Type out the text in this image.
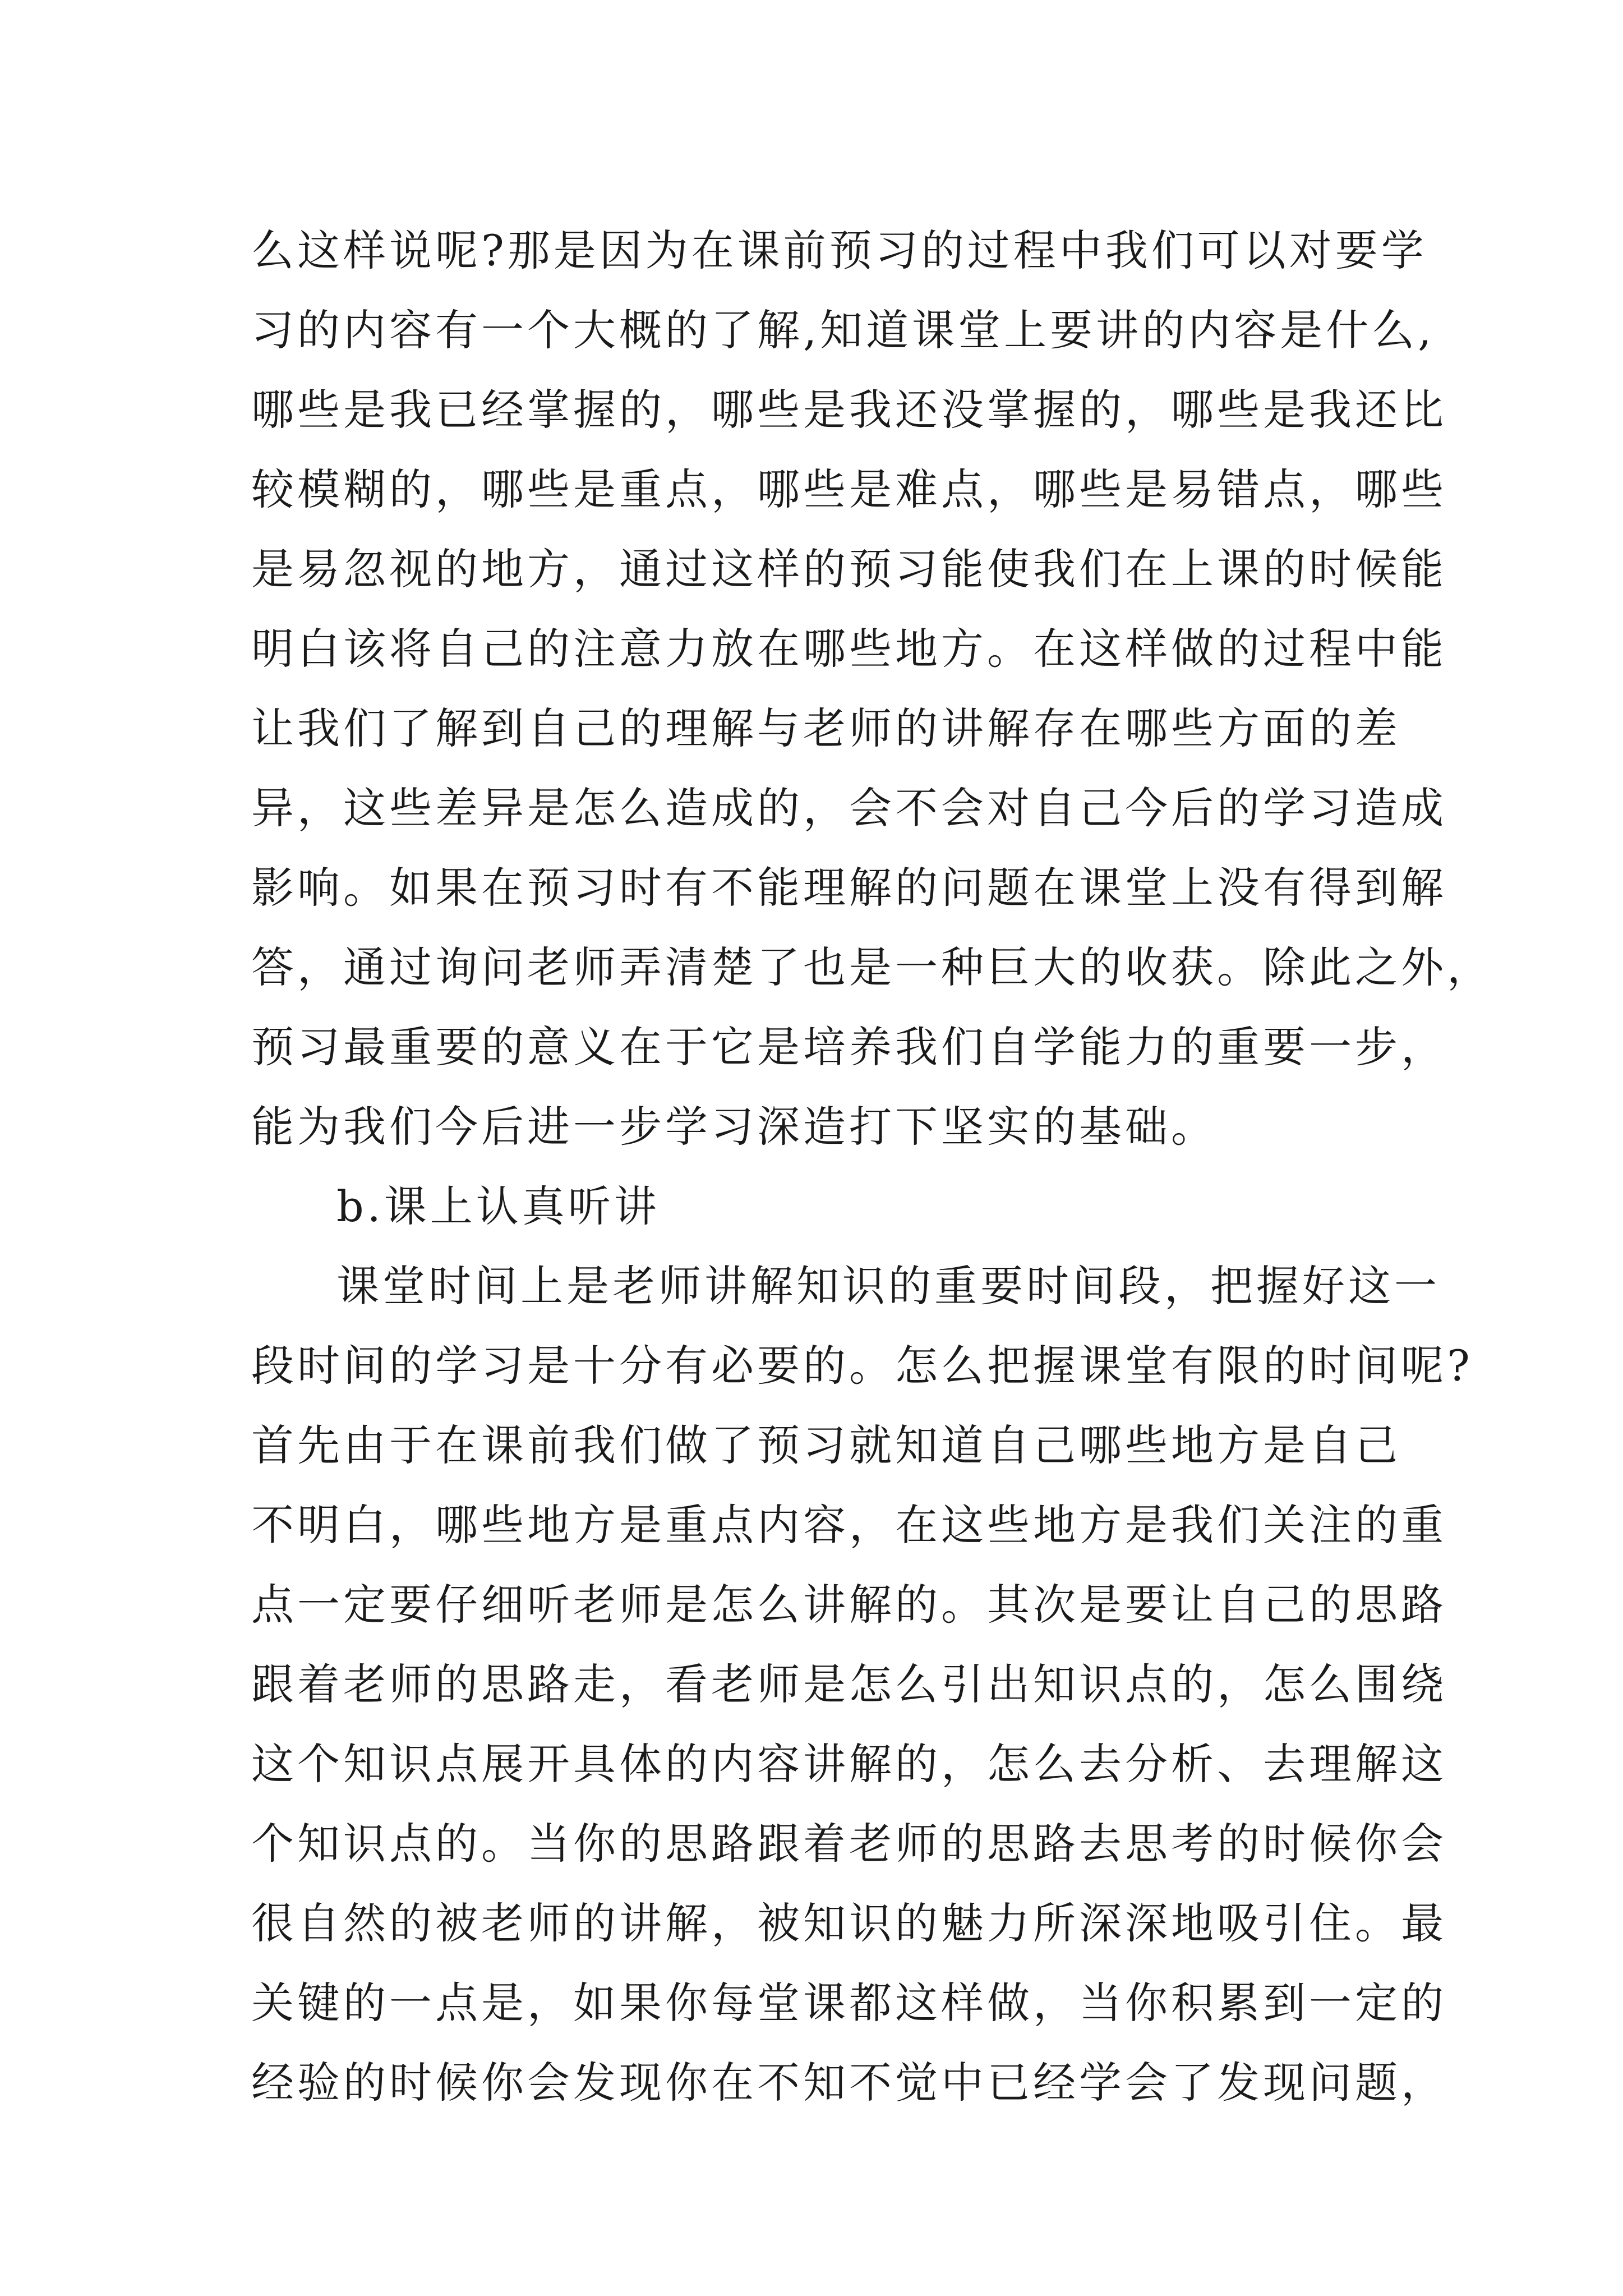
么这样说呢?那是因为在课前预习的过程中我们可以对要学
习的内容有一个大概的了解,知道课堂上要讲的内容是什么,
哪些是我已经掌握的，哪些是我还没掌握的，哪些是我还比
较模糊的，哪些是重点，哪些是难点，哪些是易错点，哪些
是易忽视的地方，通过这样的预习能使我们在上课的时候能
明白该将自己的注意力放在哪些地方。在这样做的过程中能
让我们了解到自己的理解与老师的讲解存在哪些方面的差
异，这些差异是怎么造成的，会不会对自己今后的学习造成
影响。如果在预习时有不能理解的问题在课堂上没有得到解
答，通过询问老师弄清楚了也是一种巨大的收获。除此之外，
预习最重要的意义在于它是培养我们自学能力的重要一步，
能为我们今后进一步学习深造打下坚实的基础。
b.课上认真听讲
课堂时间上是老师讲解知识的重要时间段，把握好这一
段时间的学习是十分有必要的。怎么把握课堂有限的时间呢?
首先由于在课前我们做了预习就知道自己哪些地方是自己
不明白，哪些地方是重点内容，在这些地方是我们关注的重
点一定要仔细听老师是怎么讲解的。其次是要让自己的思路
跟着老师的思路走，看老师是怎么引出知识点的，怎么围绕
这个知识点展开具体的内容讲解的，怎么去分析、去理解这
个知识点的。当你的思路跟着老师的思路去思考的时候你会
很自然的被老师的讲解，被知识的魅力所深深地吸引住。最
关键的一点是，如果你每堂课都这样做，当你积累到一定的
经验的时候你会发现你在不知不觉中已经学会了发现问题，
